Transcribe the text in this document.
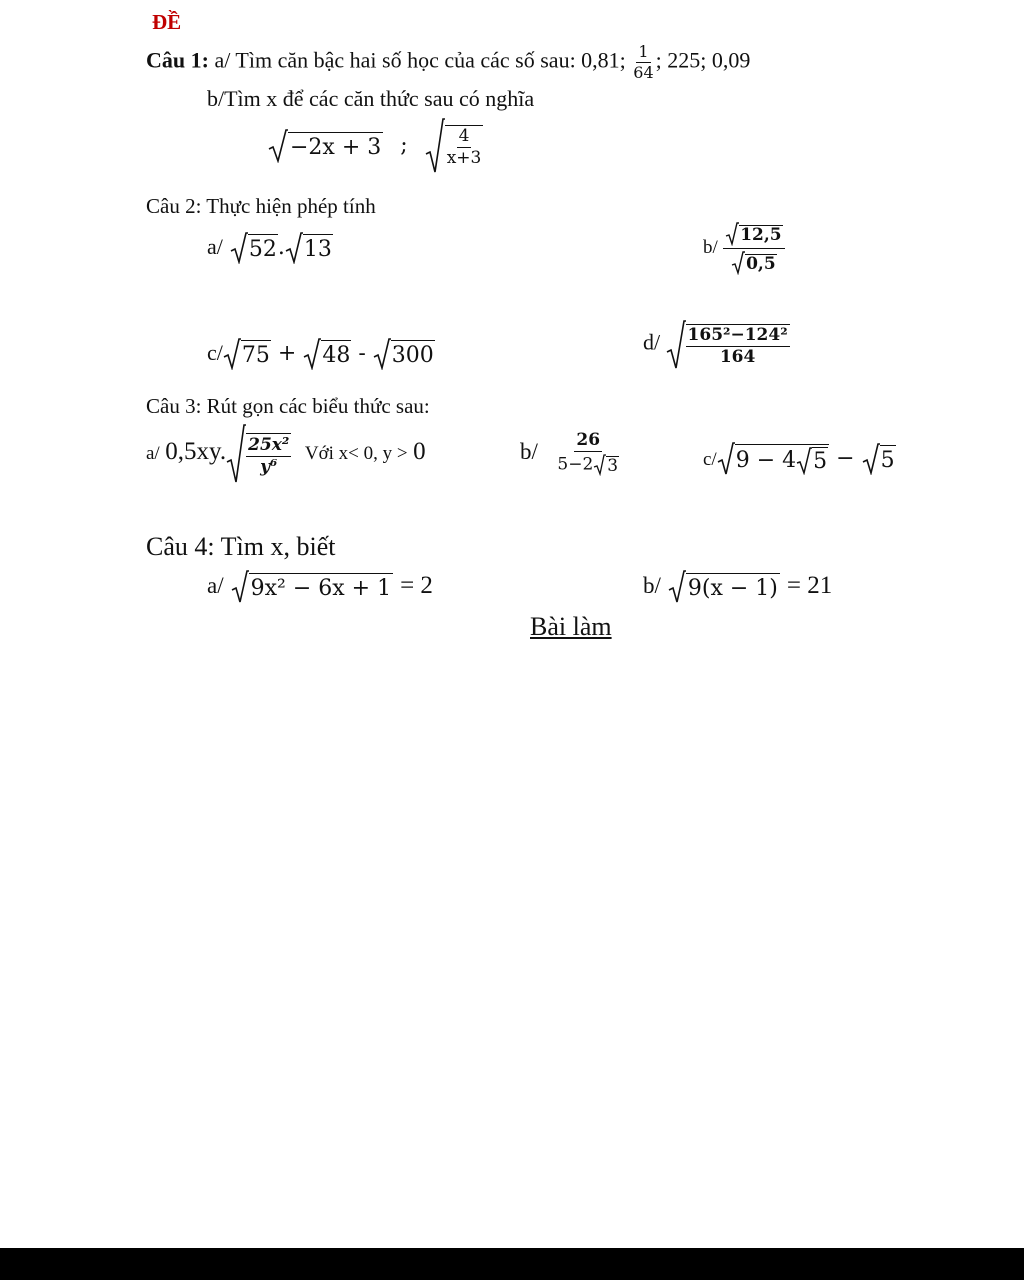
ĐỀ
Câu 1: a/ Tìm căn bậc hai số học của các số sau: 0,81; $\frac{1}{64}$ ; 225; 0,09
b/Tìm x để các căn thức sau có nghĩa
−2x + 3 ; $\frac{4}{x+3}$
Câu 2: Thực hiện phép tính
a/ 52. 13	$b/ \frac{12,5}{0,5}$
c/ 75 + 48 - 300
$d/ \frac{\text{165²−124²}}{164}$
Câu 3: Rút gọn các biểu thức sau:
a/ 0,5xy. $\frac{\text{25x²}}{\text{y⁶}}$ Với x< 0, y > 0	$b/ \frac{26}{5-2 3}$	c/ 9 − 4 5 − 5
Câu 4: Tìm x, biết
a/ 9x² − 6x + 1 = 2	b/ 9(x − 1) = 21
Bài làm
